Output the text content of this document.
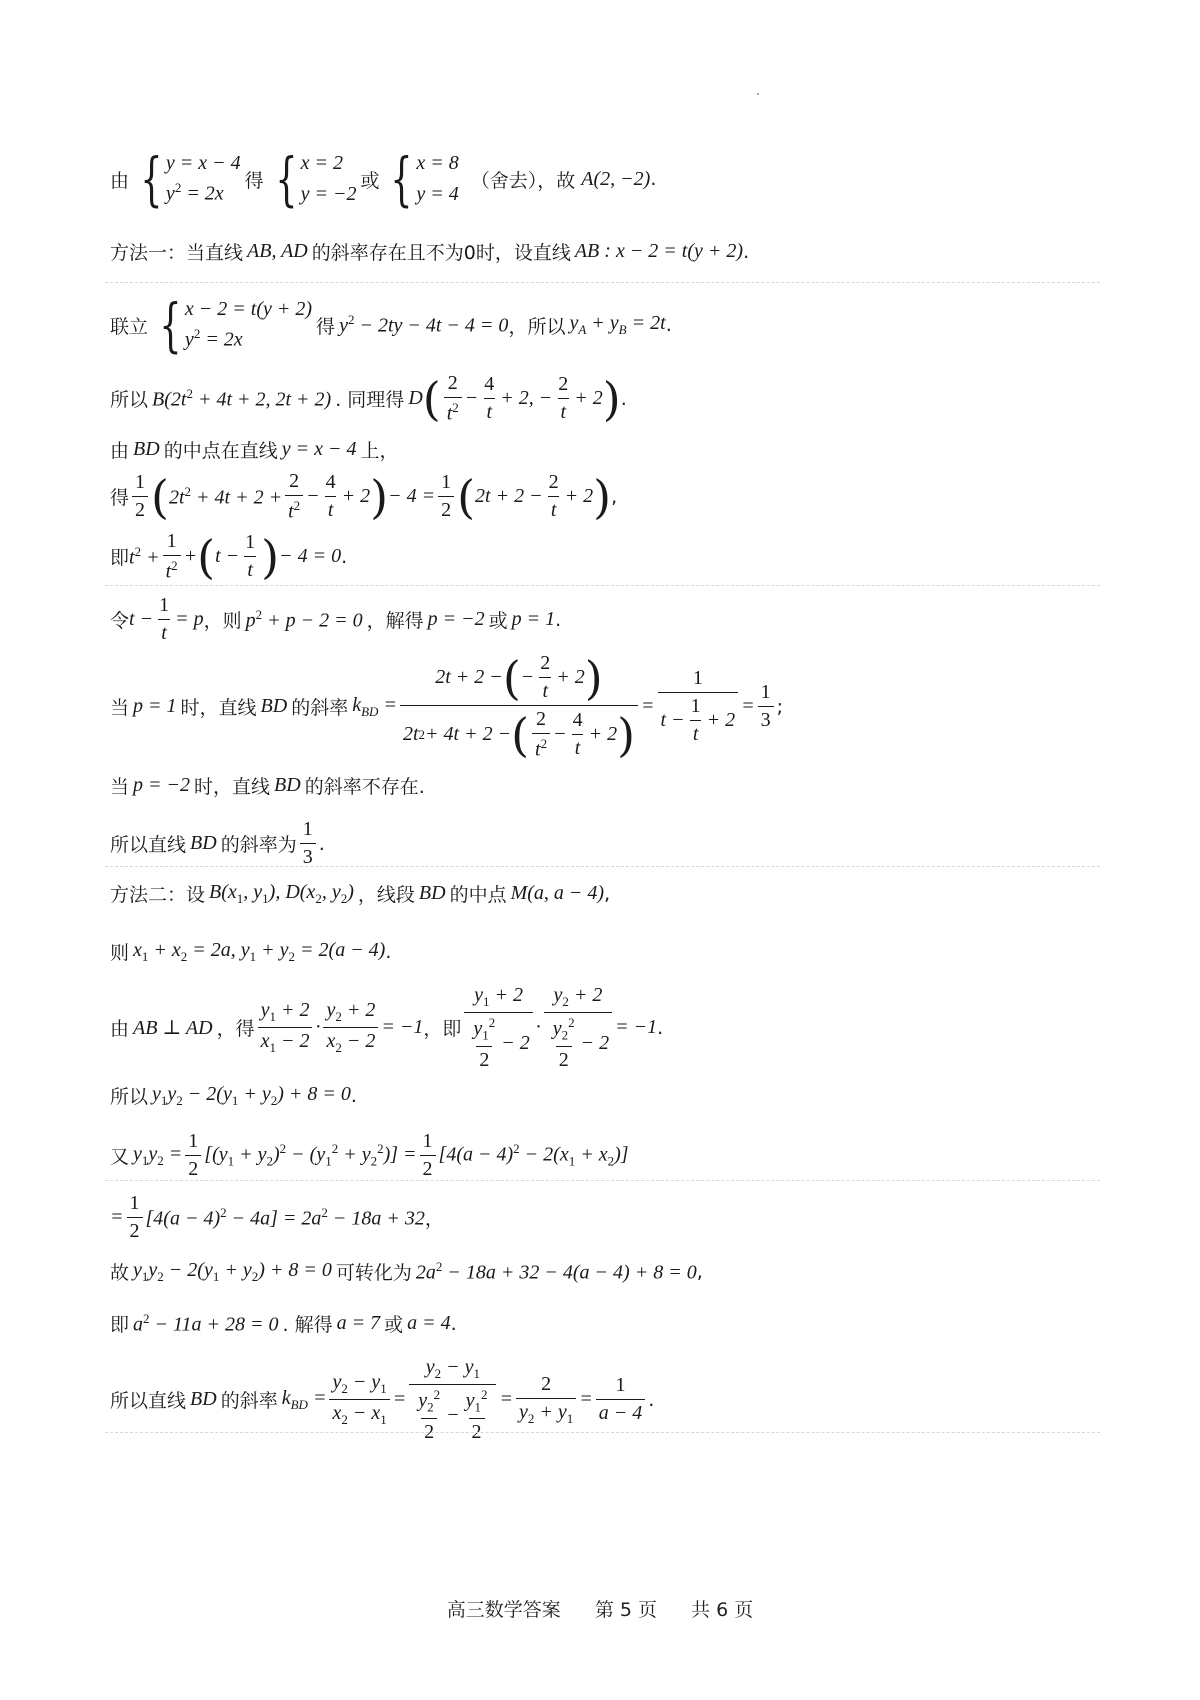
由 { y = x − 4
$y^2 = 2x$
得 { x = 2
y = −2
或 { x = 8
y = 4
（舍去），故 A(2, −2) .
方法一：当直线 AB, AD 的斜率存在且不为0时，设直线 AB : x − 2 = t(y + 2) .
联立 { x − 2 = t(y + 2)
$y^2 = 2x$
得 $y^2 - 2ty - 4t - 4 = 0$ ，所以 $y_A + y_B = 2t$ .
所以 $B(2t^2 + 4t + 2$, 2t + 2) . 同理得 D ( 2
$t^2 - \frac{4}{t} + 2$, − $\frac{2}{t} + 2$ ) .
由 BD 的中点在直线 y = x − 4 上，
得
1
2 ( $2t^2 + 4t + 2 + \frac{2}{t^2} - \frac{4}{t} + 2$ ) − $4 = \frac{1}{2}$ ( $2t + 2 - \frac{2}{t} + 2$ ) ,
即 $t^2 + \frac{1}{t^2}$ + ( $t - \frac{1}{t}$ ) − 4 = 0 .
令 $t - \frac{1}{t} = p$ ，则 $p^2 + p - 2 = 0$ ，解得 p = −2 或 p = 1 .
当 p = 1 时，直线 BD 的斜率 $k_{BD} = 2t + 2$ − ( −
2
t
+ 2 )
2t 2 + 4t + 2 − ( 2
$t^2$ −
4
t
+ 2 ) = 1
t −
1
t
+ $2 = \frac{1}{3}$ ;
当 p = −2 时，直线 BD 的斜率不存在.
所以直线 BD 的斜率为
1
3
.
方法二：设 $B(x_1$, $y_1$), $D(x_2$, $y_2$) ，线段 BD 的中点 M(a, a − 4) ,
则 $x_1 + x_2 = 2a$, $y_1 + y_2 = 2(a - 4)$ .
由 AB ⊥ AD ，得
$y_1 + 2$
$x_1 - 2$
· $\frac{y_2 + 2}{x_2 - 2} = -1$ ，即
$y_1 + 2$
$y_1^2$
2
− 2
· $y_2 + 2$
$y_2^2$
2
− 2 = −1 .
所以 $y_1y_2 - 2(y_1 + y_2) + 8 = 0$ .
又 $y_1y_2 = \frac{1}{2} [(y_1 + y_2)^2 - (y_1^2 + y_2^2)] = \frac{1}{2} [4(a - 4)^2 - 2(x_1 + x_2)]$
= $\frac{1}{2} [4(a - 4)^2 - 4a] = 2a^2 - 18a + 32$ ，
故 $y_1y_2 - 2(y_1 + y_2) + 8 = 0$ 可转化为 $2a^2 - 18a + 32 - 4(a - 4) + 8 = 0$ ,
即 $a^2 - 11a + 28 = 0$ . 解得 a = 7 或 a = 4 .
所以直线 BD 的斜率 $k_{BD} = \frac{y_2 - y_1}{x_2 - x_1} = y_2 - y_1$
$y_2^2$
2
−
$y_1^2$
$2 = \frac{2}{y_2 + y_1} = \frac{1}{a - 4}$ .
高三数学答案 第 5 页 共 6 页
